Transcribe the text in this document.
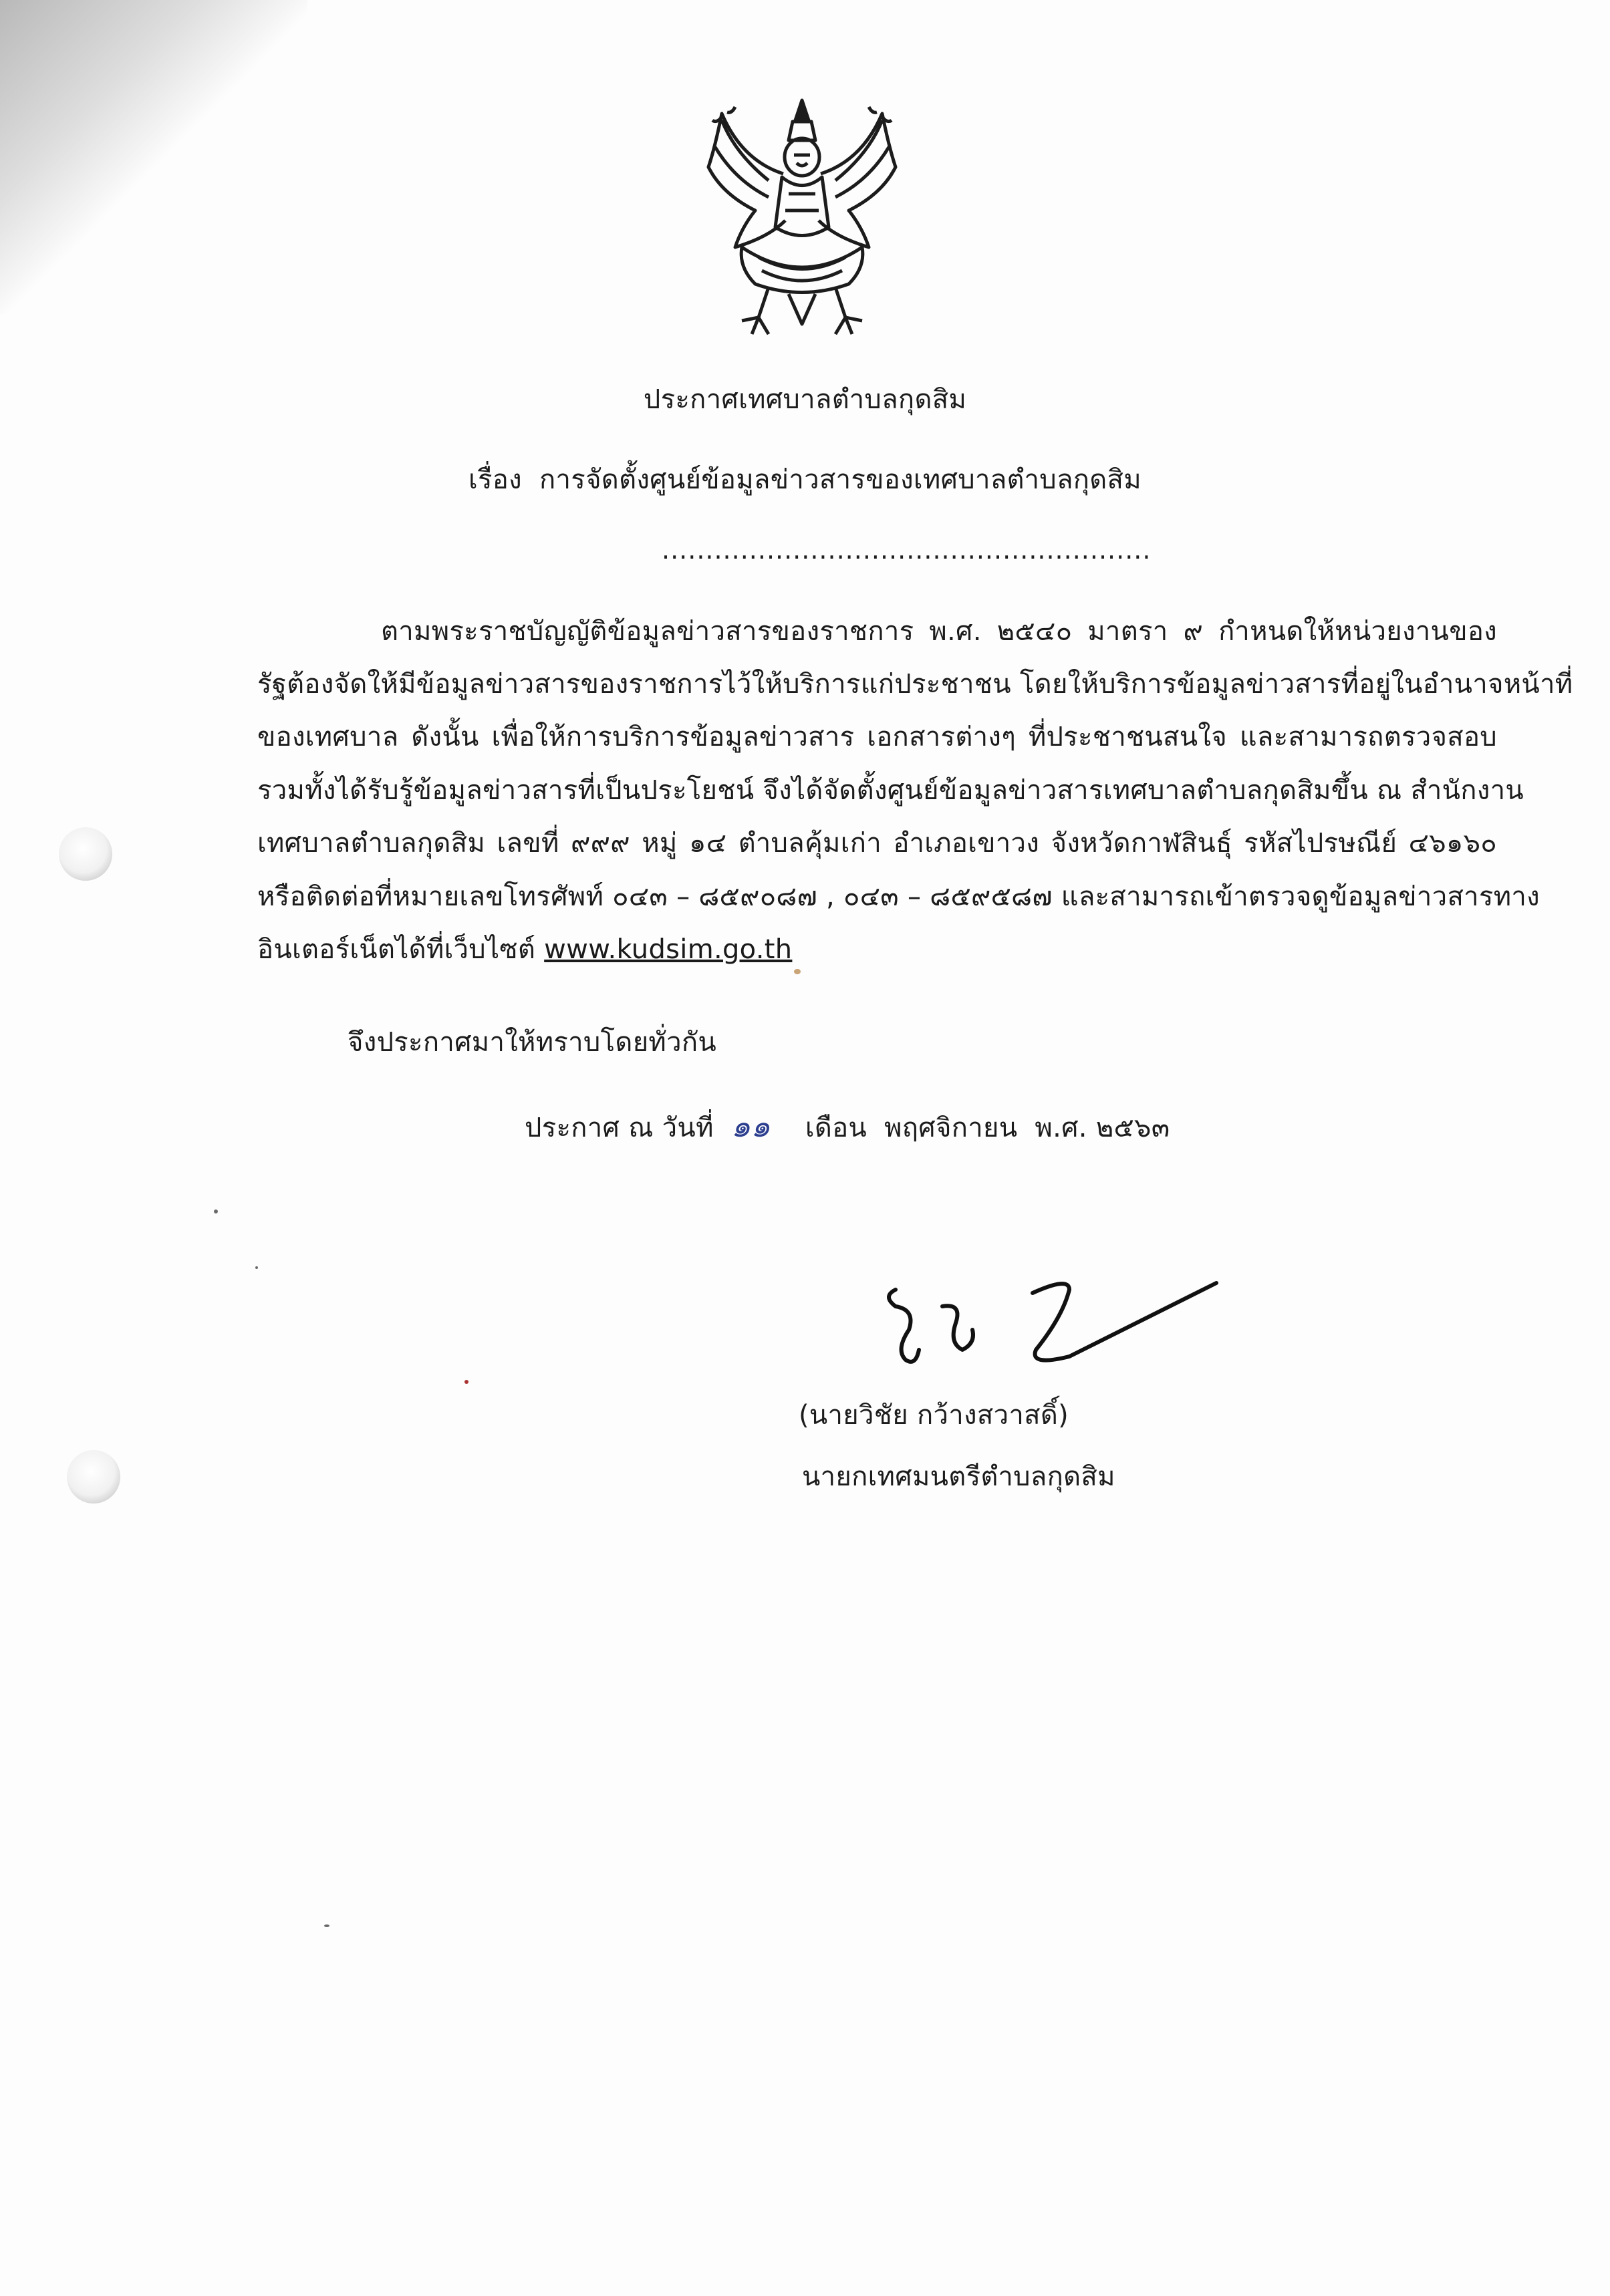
ประกาศเทศบาลตำบลกุดสิม
เรื่อง การจัดตั้งศูนย์ข้อมูลข่าวสารของเทศบาลตำบลกุดสิม
........................................................
ตามพระราชบัญญัติข้อมูลข่าวสารของราชการ พ.ศ. ๒๕๔๐ มาตรา ๙ กำหนดให้หน่วยงานของ
รัฐต้องจัดให้มีข้อมูลข่าวสารของราชการไว้ให้บริการแก่ประชาชน โดยให้บริการข้อมูลข่าวสารที่อยู่ในอำนาจหน้าที่
ของเทศบาล ดังนั้น เพื่อให้การบริการข้อมูลข่าวสาร เอกสารต่างๆ ที่ประชาชนสนใจ และสามารถตรวจสอบ
รวมทั้งได้รับรู้ข้อมูลข่าวสารที่เป็นประโยชน์ จึงได้จัดตั้งศูนย์ข้อมูลข่าวสารเทศบาลตำบลกุดสิมขึ้น ณ สำนักงาน
เทศบาลตำบลกุดสิม เลขที่ ๙๙๙ หมู่ ๑๔ ตำบลคุ้มเก่า อำเภอเขาวง จังหวัดกาฬสินธุ์ รหัสไปรษณีย์ ๔๖๑๖๐
หรือติดต่อที่หมายเลขโทรศัพท์ ๐๔๓ – ๘๕๙๐๘๗ , ๐๔๓ – ๘๕๙๕๘๗ และสามารถเข้าตรวจดูข้อมูลข่าวสารทาง
อินเตอร์เน็ตได้ที่เว็บไซต์ www.kudsim.go.th
จึงประกาศมาให้ทราบโดยทั่วกัน
ประกาศ ณ วันที่ ๑๑ เดือน พฤศจิกายน พ.ศ. ๒๕๖๓
(นายวิชัย กว้างสวาสดิ์)
นายกเทศมนตรีตำบลกุดสิม
